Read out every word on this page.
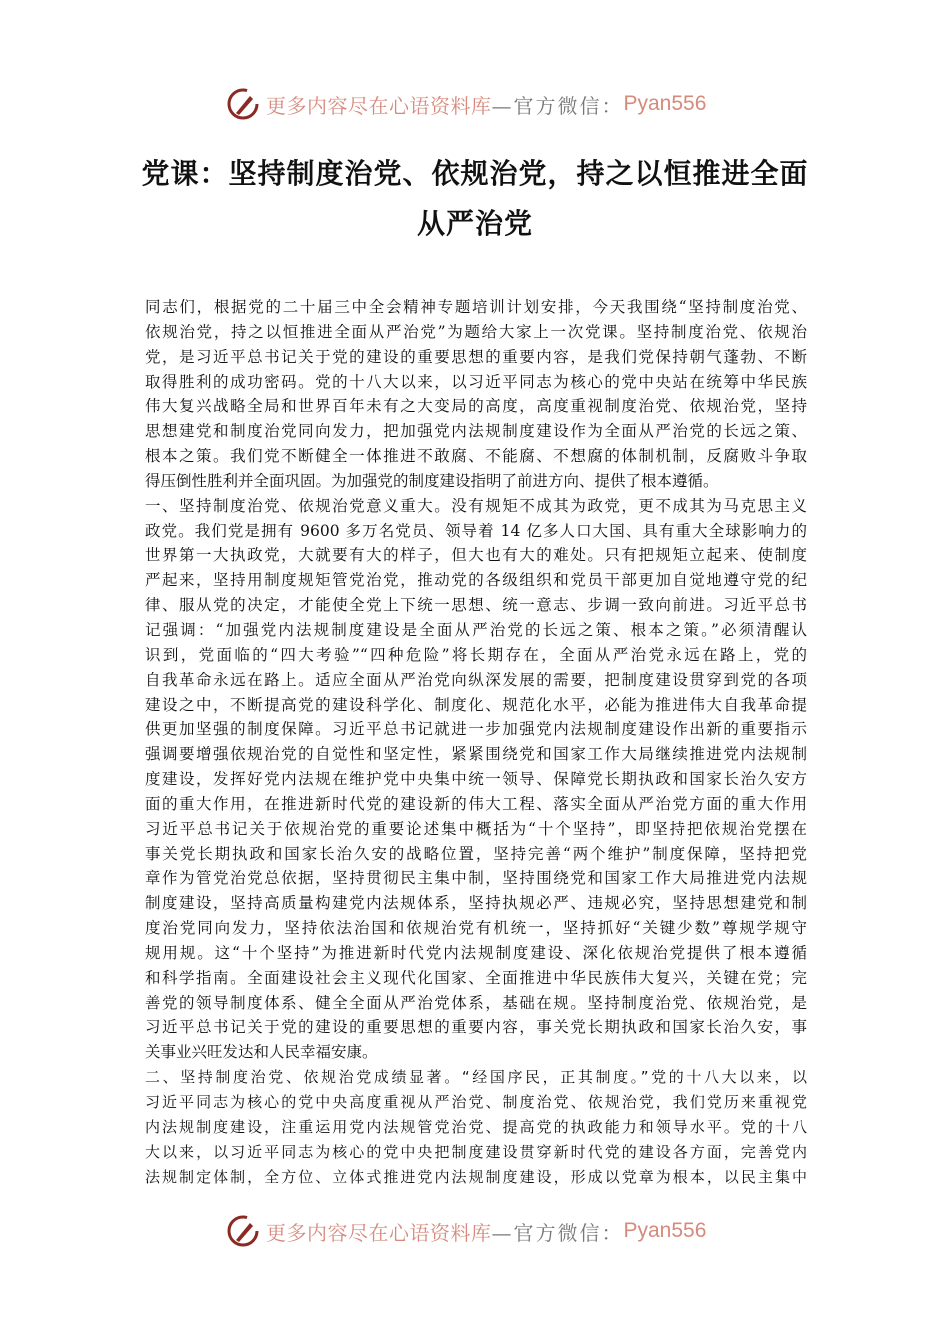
更多内容尽在心语资料库 —官方微信： Pyan556
党课：坚持制度治党、依规治党，持之以恒推进全面
从严治党
同志们，根据党的二十届三中全会精神专题培训计划安排，今天我围绕“坚持制度治党、
依规治党，持之以恒推进全面从严治党”为题给大家上一次党课。坚持制度治党、依规治
党，是习近平总书记关于党的建设的重要思想的重要内容，是我们党保持朝气蓬勃、不断
取得胜利的成功密码。党的十八大以来，以习近平同志为核心的党中央站在统筹中华民族
伟大复兴战略全局和世界百年未有之大变局的高度，高度重视制度治党、依规治党，坚持
思想建党和制度治党同向发力，把加强党内法规制度建设作为全面从严治党的长远之策、
根本之策。我们党不断健全一体推进不敢腐、不能腐、不想腐的体制机制，反腐败斗争取
得压倒性胜利并全面巩固。为加强党的制度建设指明了前进方向、提供了根本遵循。
一、坚持制度治党、依规治党意义重大。没有规矩不成其为政党，更不成其为马克思主义
政党。我们党是拥有 9600 多万名党员、领导着 14 亿多人口大国、具有重大全球影响力的
世界第一大执政党，大就要有大的样子，但大也有大的难处。只有把规矩立起来、使制度
严起来，坚持用制度规矩管党治党，推动党的各级组织和党员干部更加自觉地遵守党的纪
律、服从党的决定，才能使全党上下统一思想、统一意志、步调一致向前进。习近平总书
记强调：“加强党内法规制度建设是全面从严治党的长远之策、根本之策。”必须清醒认
识到，党面临的“四大考验”“四种危险”将长期存在，全面从严治党永远在路上，党的
自我革命永远在路上。适应全面从严治党向纵深发展的需要，把制度建设贯穿到党的各项
建设之中，不断提高党的建设科学化、制度化、规范化水平，必能为推进伟大自我革命提
供更加坚强的制度保障。习近平总书记就进一步加强党内法规制度建设作出新的重要指示
强调要增强依规治党的自觉性和坚定性，紧紧围绕党和国家工作大局继续推进党内法规制
度建设，发挥好党内法规在维护党中央集中统一领导、保障党长期执政和国家长治久安方
面的重大作用，在推进新时代党的建设新的伟大工程、落实全面从严治党方面的重大作用
习近平总书记关于依规治党的重要论述集中概括为“十个坚持”，即坚持把依规治党摆在
事关党长期执政和国家长治久安的战略位置，坚持完善“两个维护”制度保障，坚持把党
章作为管党治党总依据，坚持贯彻民主集中制，坚持围绕党和国家工作大局推进党内法规
制度建设，坚持高质量构建党内法规体系，坚持执规必严、违规必究，坚持思想建党和制
度治党同向发力，坚持依法治国和依规治党有机统一，坚持抓好“关键少数”尊规学规守
规用规。这“十个坚持”为推进新时代党内法规制度建设、深化依规治党提供了根本遵循
和科学指南。全面建设社会主义现代化国家、全面推进中华民族伟大复兴，关键在党；完
善党的领导制度体系、健全全面从严治党体系，基础在规。坚持制度治党、依规治党，是
习近平总书记关于党的建设的重要思想的重要内容，事关党长期执政和国家长治久安，事
关事业兴旺发达和人民幸福安康。
二、坚持制度治党、依规治党成绩显著。“经国序民，正其制度。”党的十八大以来，以
习近平同志为核心的党中央高度重视从严治党、制度治党、依规治党，我们党历来重视党
内法规制度建设，注重运用党内法规管党治党、提高党的执政能力和领导水平。党的十八
大以来，以习近平同志为核心的党中央把制度建设贯穿新时代党的建设各方面，完善党内
法规制定体制，全方位、立体式推进党内法规制度建设，形成以党章为根本，以民主集中
更多内容尽在心语资料库 —官方微信： Pyan556
